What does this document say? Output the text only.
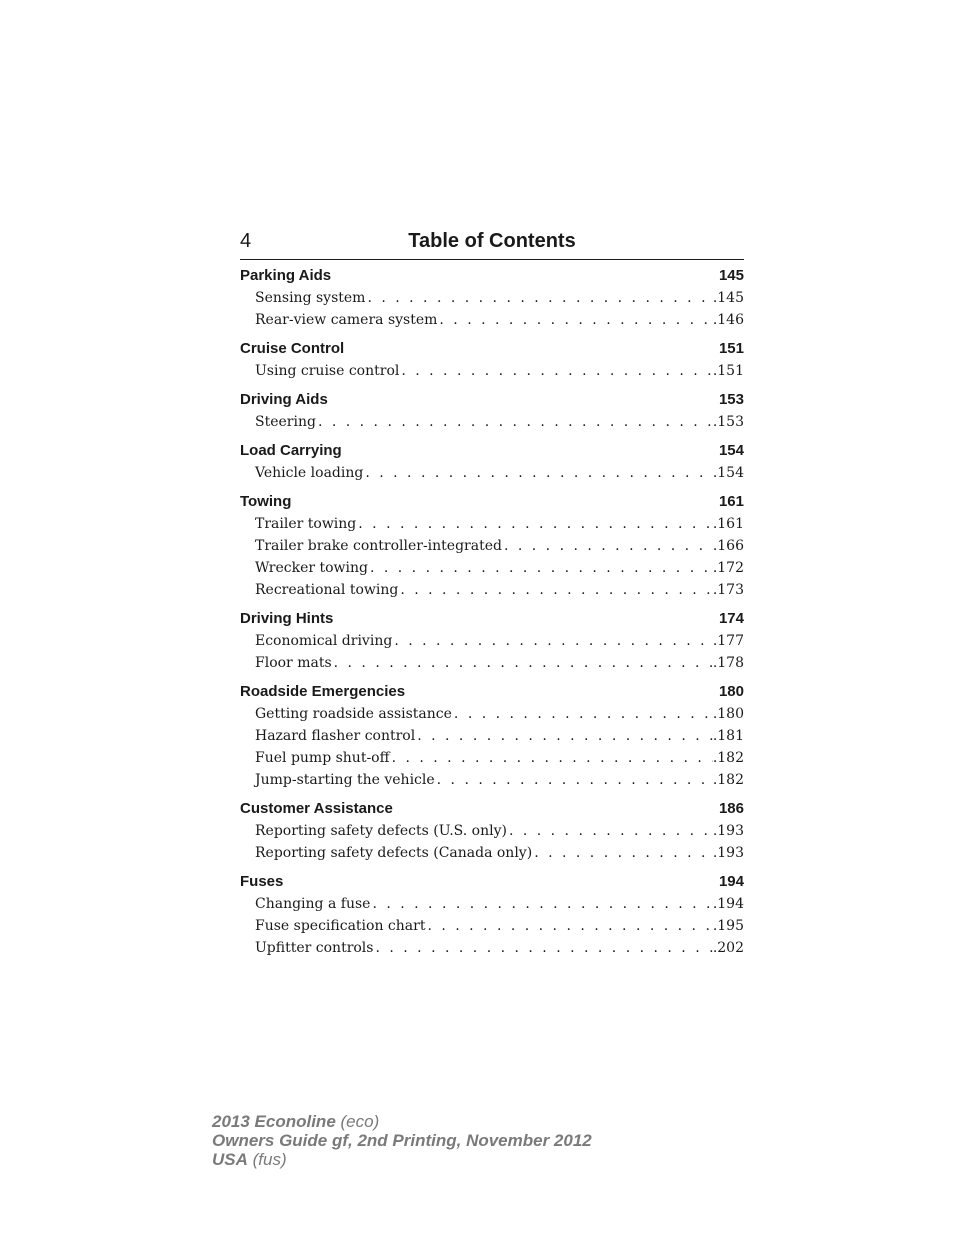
4	Table of Contents
Parking Aids	145
Sensing system . . .	.145
Rear-view camera system . . .	.146
Cruise Control	151
Using cruise control . . .	.151
Driving Aids	153
Steering . . .	.153
Load Carrying	154
Vehicle loading . . .	.154
Towing	161
Trailer towing . . .	.161
Trailer brake controller-integrated . . .	.166
Wrecker towing . . .	.172
Recreational towing . . .	.173
Driving Hints	174
Economical driving . . .	.177
Floor mats . . .	.178
Roadside Emergencies	180
Getting roadside assistance . . .	.180
Hazard flasher control . . .	.181
Fuel pump shut-off . . .	.182
Jump-starting the vehicle . . .	.182
Customer Assistance	186
Reporting safety defects (U.S. only) . . .	.193
Reporting safety defects (Canada only) . . .	.193
Fuses	194
Changing a fuse . . .	.194
Fuse specification chart . . .	.195
Upfitter controls . . .	.202
2013 Econoline (eco)
Owners Guide gf, 2nd Printing, November 2012
USA (fus)
